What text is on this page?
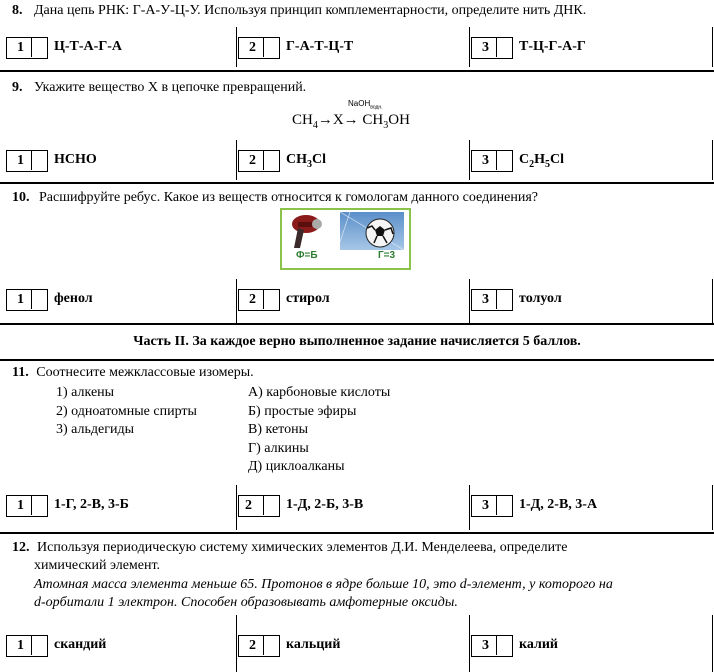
8. Дана цепь РНК: Г-А-У-Ц-У. Используя принцип комплементарности, определите нить ДНК.
1 Ц-Т-А-Г-А	2 Г-А-Т-Ц-Т	3 Т-Ц-Г-А-Г
9. Укажите вещество Х в цепочке превращений.
NaOH$_{водн.}$
$CH_4\to X\to CH_3OH$
1 HCHO	2 $CH_3Cl$	3 $C_2H_5Cl$
10. Расшифруйте ребус. Какое из веществ относится к гомологам данного соединения?
Ф=Б	Г=3
1 фенол	2 стирол	3 толуол
Часть II. За каждое верно выполненное задание начисляется 5 баллов.
11. Соотнесите межклассовые изомеры.
1) алкены
2) одноатомные спирты
3) альдегиды
А) карбоновые кислоты
Б) простые эфиры
В) кетоны
Г) алкины
Д) циклоалканы
1 1-Г, 2-В, 3-Б	2 1-Д, 2-Б, 3-В	3 1-Д, 2-В, 3-А
12. Используя периодическую систему химических элементов Д.И. Менделеева, определите
химический элемент.
Атомная масса элемента меньше 65. Протонов в ядре больше 10, это d-элемент, у которого на
d-орбитали 1 электрон. Способен образовывать амфотерные оксиды.
1 скандий	2 кальций	3 калий
